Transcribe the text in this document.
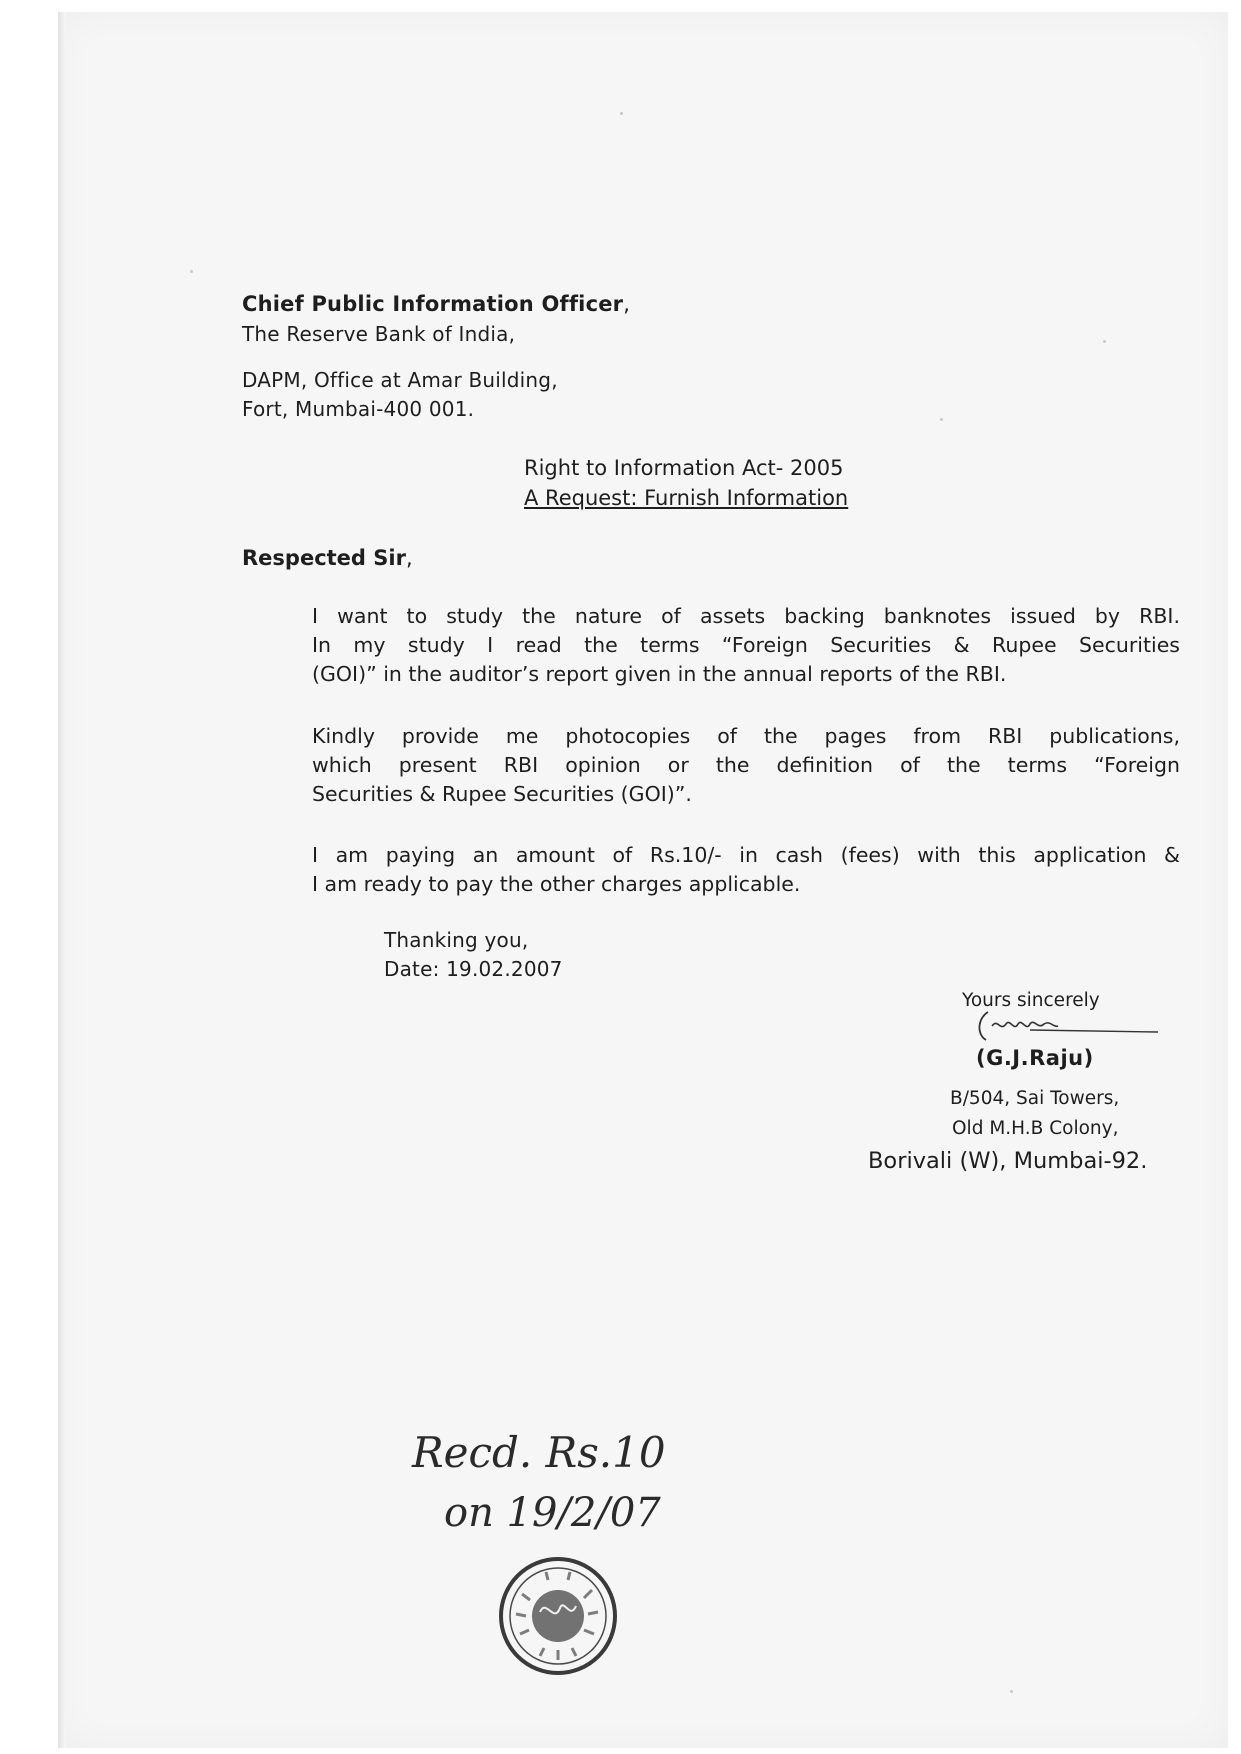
Chief Public Information Officer,
The Reserve Bank of India,
DAPM, Office at Amar Building,
Fort, Mumbai-400 001.
Right to Information Act- 2005
A Request: Furnish Information
Respected Sir,
I want to study the nature of assets backing banknotes issued by RBI.
In my study I read the terms “Foreign Securities & Rupee Securities
(GOI)” in the auditor’s report given in the annual reports of the RBI.
Kindly provide me photocopies of the pages from RBI publications,
which present RBI opinion or the definition of the terms “Foreign
Securities & Rupee Securities (GOI)”.
I am paying an amount of Rs.10/- in cash (fees) with this application &
I am ready to pay the other charges applicable.
Thanking you,
Date: 19.02.2007
Yours sincerely
(G.J.Raju)
B/504, Sai Towers,
Old M.H.B Colony,
Borivali (W), Mumbai-92.
Recd. Rs.10
on 19/2/07
